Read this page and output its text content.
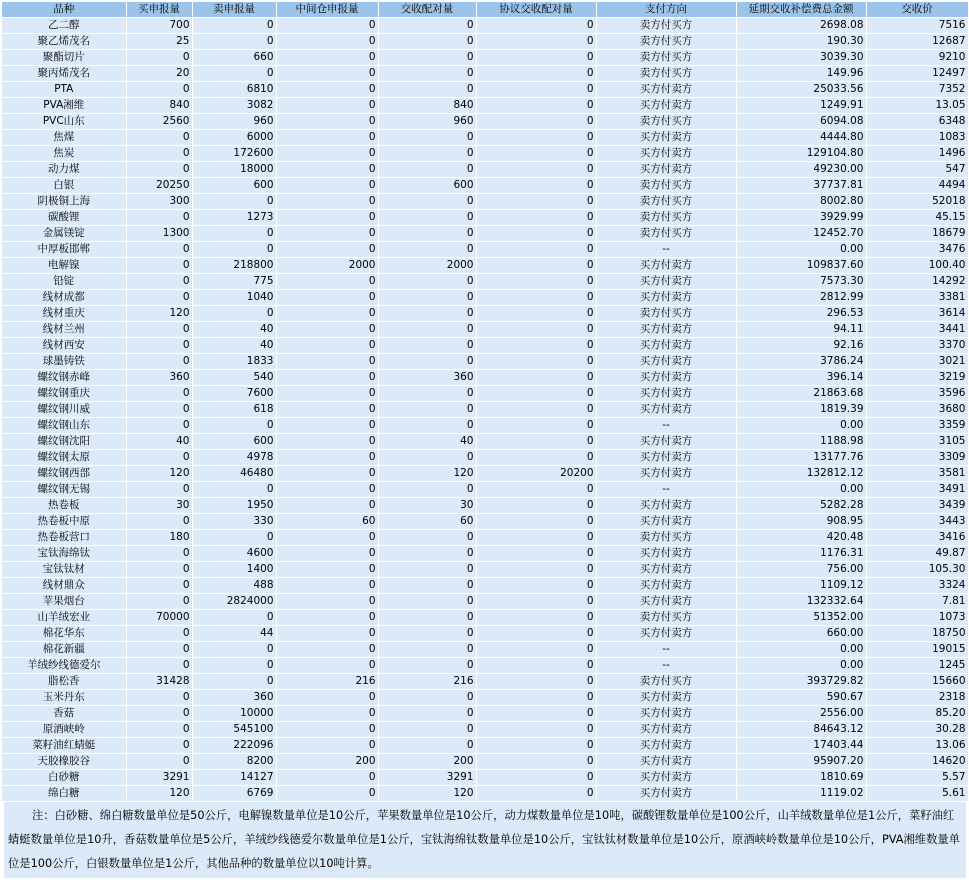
品种	买申报量	卖申报量	中间仓申报量	交收配对量	协议交收配对量	支付方向	延期交收补偿费总金额	交收价
乙二醇	700	0	0	0	0	卖方付买方	2698.08	7516
聚乙烯茂名	25	0	0	0	0	卖方付买方	190.30	12687
聚酯切片	0	660	0	0	0	卖方付买方	3039.30	9210
聚丙烯茂名	20	0	0	0	0	卖方付买方	149.96	12497
PTA	0	6810	0	0	0	买方付卖方	25033.56	7352
PVA湘维	840	3082	0	840	0	买方付卖方	1249.91	13.05
PVC山东	2560	960	0	960	0	卖方付买方	6094.08	6348
焦煤	0	6000	0	0	0	买方付卖方	4444.80	1083
焦炭	0	172600	0	0	0	买方付卖方	129104.80	1496
动力煤	0	18000	0	0	0	买方付卖方	49230.00	547
白银	20250	600	0	600	0	卖方付买方	37737.81	4494
阴极铜上海	300	0	0	0	0	卖方付买方	8002.80	52018
碳酸锂	0	1273	0	0	0	卖方付买方	3929.99	45.15
金属镁锭	1300	0	0	0	0	卖方付买方	12452.70	18679
中厚板邯郸	0	0	0	0	0	--	0.00	3476
电解镍	0	218800	2000	2000	0	买方付卖方	109837.60	100.40
铅锭	0	775	0	0	0	买方付卖方	7573.30	14292
线材成都	0	1040	0	0	0	买方付卖方	2812.99	3381
线材重庆	120	0	0	0	0	卖方付买方	296.53	3614
线材兰州	0	40	0	0	0	买方付卖方	94.11	3441
线材西安	0	40	0	0	0	买方付卖方	92.16	3370
球墨铸铁	0	1833	0	0	0	买方付卖方	3786.24	3021
螺纹钢赤峰	360	540	0	360	0	买方付卖方	396.14	3219
螺纹钢重庆	0	7600	0	0	0	买方付卖方	21863.68	3596
螺纹钢川威	0	618	0	0	0	买方付卖方	1819.39	3680
螺纹钢山东	0	0	0	0	0	--	0.00	3359
螺纹钢沈阳	40	600	0	40	0	买方付卖方	1188.98	3105
螺纹钢太原	0	4978	0	0	0	买方付卖方	13177.76	3309
螺纹钢西部	120	46480	0	120	20200	买方付卖方	132812.12	3581
螺纹钢无锡	0	0	0	0	0	--	0.00	3491
热卷板	30	1950	0	30	0	买方付卖方	5282.28	3439
热卷板中原	0	330	60	60	0	买方付卖方	908.95	3443
热卷板营口	180	0	0	0	0	卖方付买方	420.48	3416
宝钛海绵钛	0	4600	0	0	0	买方付卖方	1176.31	49.87
宝钛钛材	0	1400	0	0	0	买方付卖方	756.00	105.30
线材鼎众	0	488	0	0	0	买方付卖方	1109.12	3324
苹果烟台	0	2824000	0	0	0	买方付卖方	132332.64	7.81
山羊绒宏业	70000	0	0	0	0	卖方付买方	51352.00	1073
棉花华东	0	44	0	0	0	买方付卖方	660.00	18750
棉花新疆	0	0	0	0	0	--	0.00	19015
羊绒纱线德爱尔	0	0	0	0	0	--	0.00	1245
脂松香	31428	0	216	216	0	卖方付买方	393729.82	15660
玉米丹东	0	360	0	0	0	买方付卖方	590.67	2318
香菇	0	10000	0	0	0	买方付卖方	2556.00	85.20
原酒峡岭	0	545100	0	0	0	买方付卖方	84643.12	30.28
菜籽油红蜻蜓	0	222096	0	0	0	买方付卖方	17403.44	13.06
天胶橡胶谷	0	8200	200	200	0	买方付卖方	95907.20	14620
白砂糖	3291	14127	0	3291	0	买方付卖方	1810.69	5.57
绵白糖	120	6769	0	120	0	买方付卖方	1119.02	5.61
注：白砂糖、绵白糖数量单位是50公斤，电解镍数量单位是10公斤，苹果数量单位是10公斤，动力煤数量单位是10吨，碳酸锂数量单位是100公斤，山羊绒数量单位是1公斤，菜籽油红蜻蜓数量单位是10升，香菇数量单位是5公斤，羊绒纱线德爱尔数量单位是1公斤，宝钛海绵钛数量单位是10公斤，宝钛钛材数量单位是10公斤，原酒峡岭数量单位是10公斤，PVA湘维数量单位是100公斤，白银数量单位是1公斤，其他品种的数量单位以10吨计算。
